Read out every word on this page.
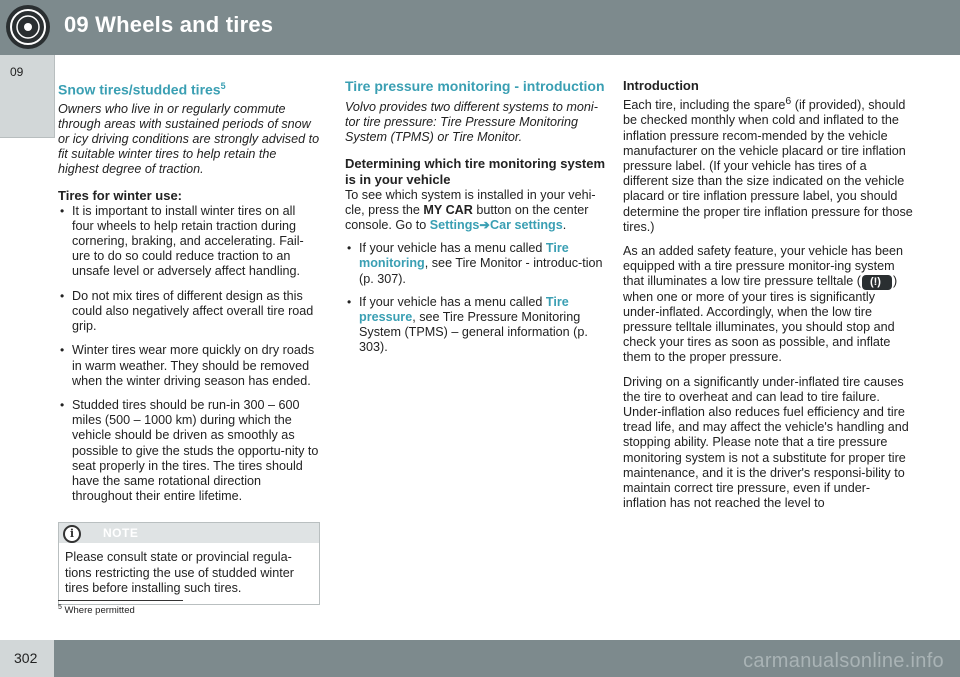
09 Wheels and tires
09
Snow tires/studded tires$^5$

Owners who live in or regularly commute through areas with sustained periods of snow or icy driving conditions are strongly advised to fit suitable winter tires to help retain the highest degree of traction.

Tires for winter use:
• It is important to install winter tires on all four wheels to help retain traction during cornering, braking, and accelerating. Fail-ure to do so could reduce traction to an unsafe level or adversely affect handling.
• Do not mix tires of different design as this could also negatively affect overall tire road grip.
• Winter tires wear more quickly on dry roads in warm weather. They should be removed when the winter driving season has ended.
• Studded tires should be run-in 300 – 600 miles (500 – 1000 km) during which the vehicle should be driven as smoothly as possible to give the studs the opportu-nity to seat properly in the tires. The tires should have the same rotational direction throughout their entire lifetime.
i	NOTE
Please consult state or provincial regula-tions restricting the use of studded winter tires before installing such tires.
$^5$ Where permitted
Tire pressure monitoring - introduction

Volvo provides two different systems to moni-tor tire pressure: Tire Pressure Monitoring System (TPMS) or Tire Monitor.

Determining which tire monitoring system is in your vehicle

To see which system is installed in your vehi-cle, press the MY CAR button on the center console. Go to Settings➔Car settings.

• If your vehicle has a menu called Tire monitoring, see Tire Monitor - introduc-tion (p. 307).
• If your vehicle has a menu called Tire pressure, see Tire Pressure Monitoring System (TPMS) – general information (p. 303).
Introduction

Each tire, including the spare$^6$ (if provided), should be checked monthly when cold and inflated to the inflation pressure recom-mended by the vehicle manufacturer on the vehicle placard or tire inflation pressure label. (If your vehicle has tires of a different size than the size indicated on the vehicle placard or tire inflation pressure label, you should determine the proper tire inflation pressure for those tires.)

As an added safety feature, your vehicle has been equipped with a tire pressure monitor-ing system that illuminates a low tire pressure telltale ( (!) ) when one or more of your tires is significantly under-inflated. Accordingly, when the low tire pressure telltale illuminates, you should stop and check your tires as soon as possible, and inflate them to the proper pressure.

Driving on a significantly under-inflated tire causes the tire to overheat and can lead to tire failure. Under-inflation also reduces fuel efficiency and tire tread life, and may affect the vehicle's handling and stopping ability. Please note that a tire pressure monitoring system is not a substitute for proper tire maintenance, and it is the driver's responsi-bility to maintain correct tire pressure, even if under-inflation has not reached the level to

302	carmanualsonline.info
